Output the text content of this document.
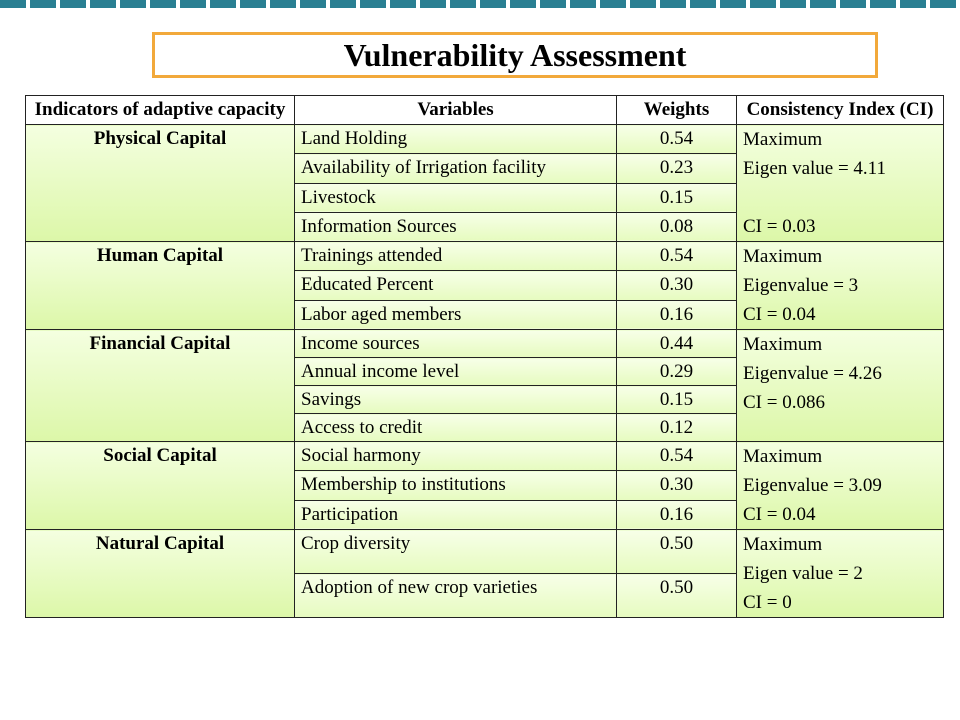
Vulnerability Assessment
Indicators of adaptive capacity	Variables	Weights	Consistency Index (CI)
Physical Capital	Land Holding	0.54	Maximum
Eigen value = 4.11

CI = 0.03

	Availability of Irrigation facility	0.23	
	Livestock	0.15	
	Information Sources	0.08	
Human Capital	Trainings attended	0.54	Maximum
Eigenvalue = 3
CI = 0.04

	Educated Percent	0.30	
	Labor aged members	0.16	
Financial Capital	Income sources	0.44	Maximum
Eigenvalue = 4.26
CI = 0.086

	Annual income level	0.29	
	Savings	0.15	
	Access to credit	0.12	
Social Capital	Social harmony	0.54	Maximum
Eigenvalue = 3.09
CI = 0.04

	Membership to institutions	0.30	
	Participation	0.16	
Natural Capital	Crop diversity	0.50	Maximum
Eigen value = 2
CI = 0

	Adoption of new crop varieties	0.50	
